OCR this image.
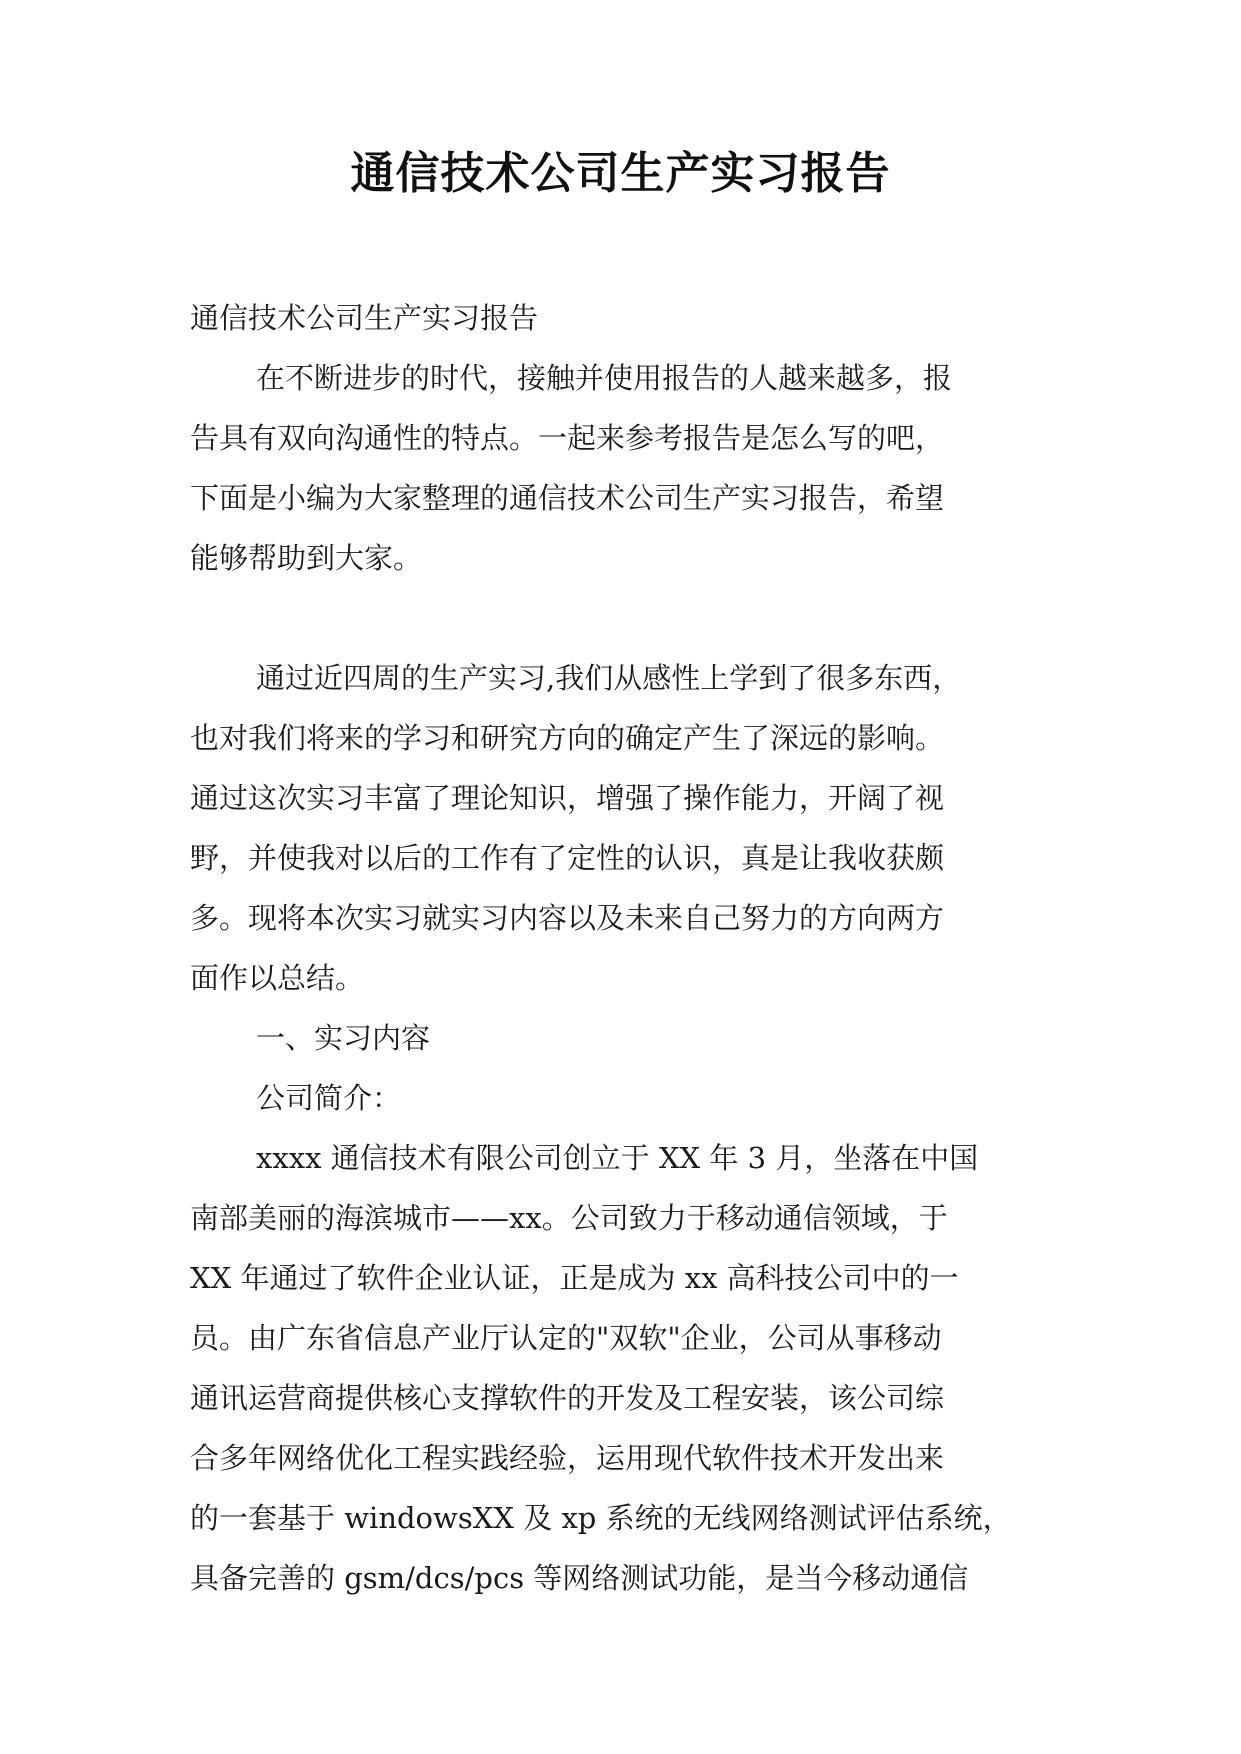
通信技术公司生产实习报告
通信技术公司生产实习报告
在不断进步的时代，接触并使用报告的人越来越多，报
告具有双向沟通性的特点。一起来参考报告是怎么写的吧，
下面是小编为大家整理的通信技术公司生产实习报告，希望
能够帮助到大家。
通过近四周的生产实习,我们从感性上学到了很多东西，
也对我们将来的学习和研究方向的确定产生了深远的影响。
通过这次实习丰富了理论知识，增强了操作能力，开阔了视
野，并使我对以后的工作有了定性的认识，真是让我收获颇
多。现将本次实习就实习内容以及未来自己努力的方向两方
面作以总结。
一、实习内容
公司简介：
xxxx 通信技术有限公司创立于 XX 年 3 月，坐落在中国
南部美丽的海滨城市——xx。公司致力于移动通信领域，于
XX 年通过了软件企业认证，正是成为 xx 高科技公司中的一
员。由广东省信息产业厅认定的"双软"企业，公司从事移动
通讯运营商提供核心支撑软件的开发及工程安装，该公司综
合多年网络优化工程实践经验，运用现代软件技术开发出来
的一套基于 windowsXX 及 xp 系统的无线网络测试评估系统，
具备完善的 gsm/dcs/pcs 等网络测试功能，是当今移动通信
